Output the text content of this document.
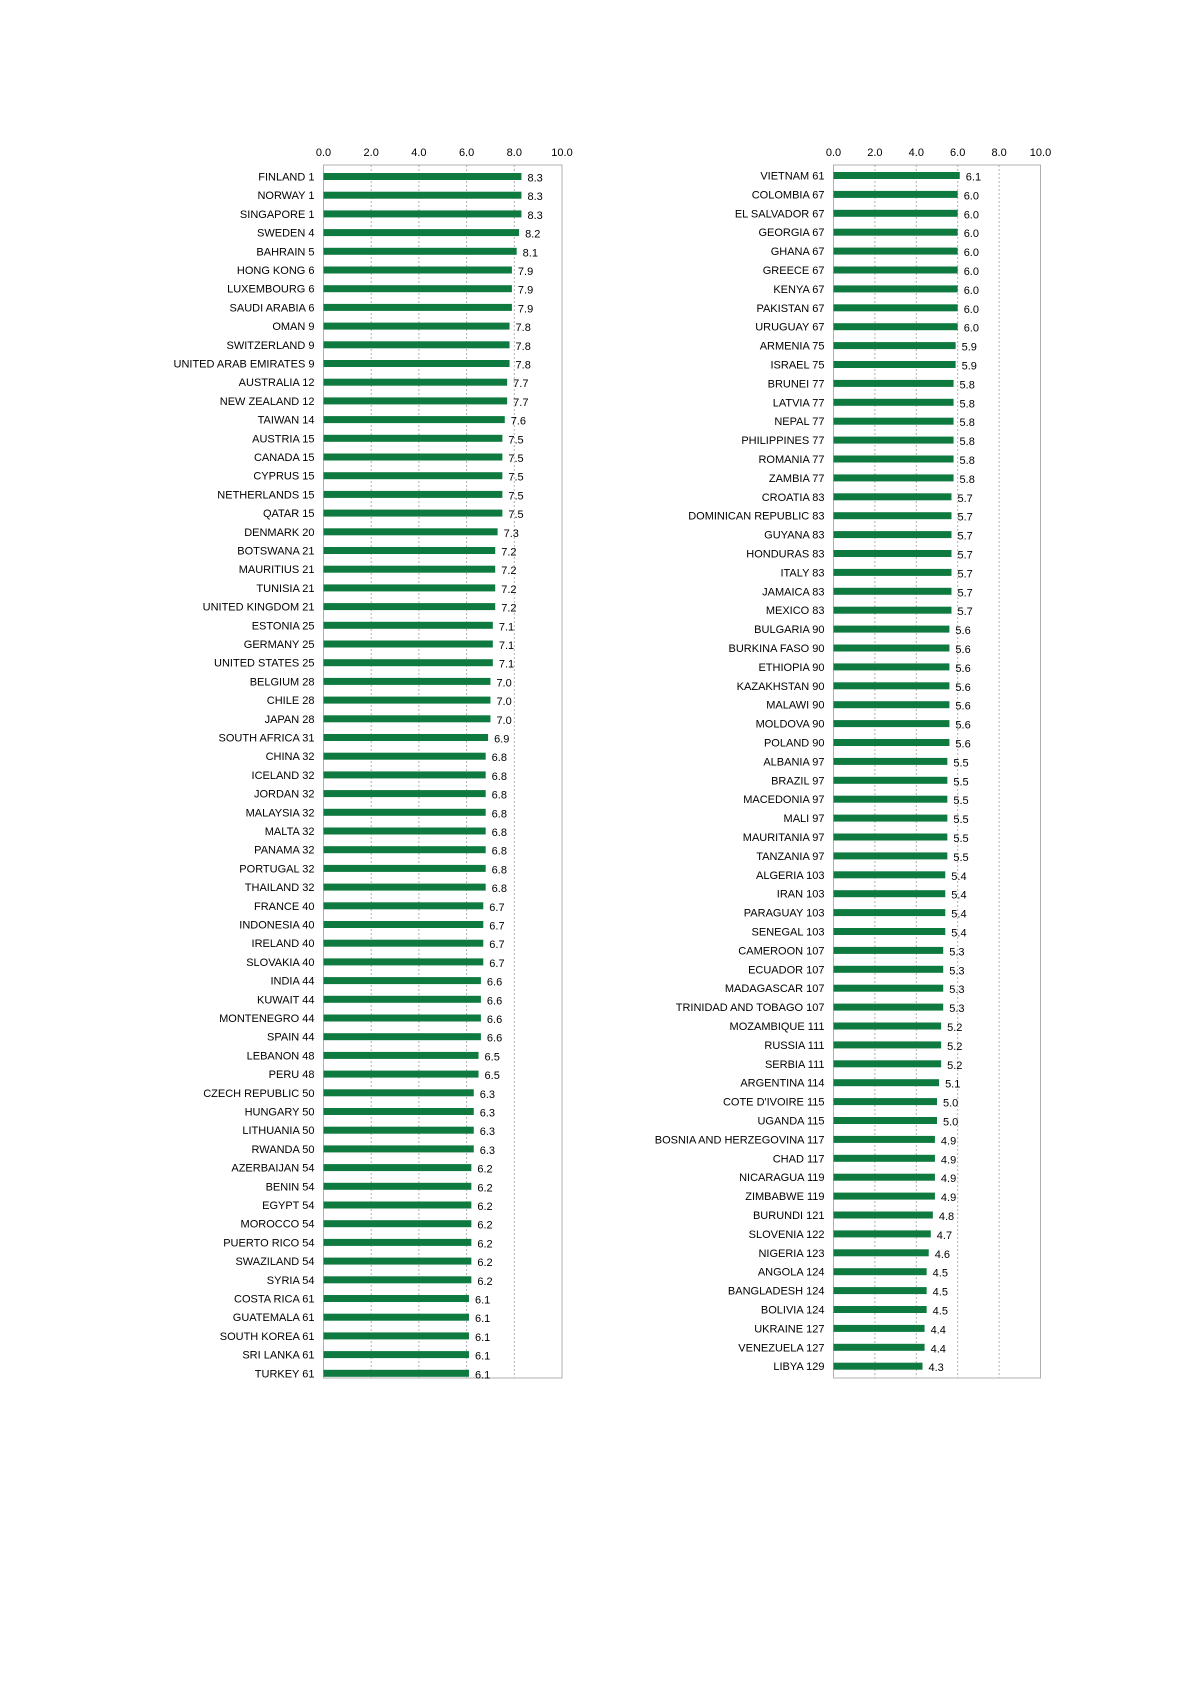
0.0	2.0	4.0	6.0	8.0	10.0
FINLAND 1	8.3
NORWAY 1	8.3
SINGAPORE 1	8.3
SWEDEN 4	8.2
BAHRAIN 5	8.1
HONG KONG 6	7.9
LUXEMBOURG 6	7.9
SAUDI ARABIA 6	7.9
OMAN 9	7.8
SWITZERLAND 9	7.8
UNITED ARAB EMIRATES 9	7.8
AUSTRALIA 12	7.7
NEW ZEALAND 12	7.7
TAIWAN 14	7.6
AUSTRIA 15	7.5
CANADA 15	7.5
CYPRUS 15	7.5
NETHERLANDS 15	7.5
QATAR 15	7.5
DENMARK 20	7.3
BOTSWANA 21	7.2
MAURITIUS 21	7.2
TUNISIA 21	7.2
UNITED KINGDOM 21	7.2
ESTONIA 25	7.1
GERMANY 25	7.1
UNITED STATES 25	7.1
BELGIUM 28	7.0
CHILE 28	7.0
JAPAN 28	7.0
SOUTH AFRICA 31	6.9
CHINA 32	6.8
ICELAND 32	6.8
JORDAN 32	6.8
MALAYSIA 32	6.8
MALTA 32	6.8
PANAMA 32	6.8
PORTUGAL 32	6.8
THAILAND 32	6.8
FRANCE 40	6.7
INDONESIA 40	6.7
IRELAND 40	6.7
SLOVAKIA 40	6.7
INDIA 44	6.6
KUWAIT 44	6.6
MONTENEGRO 44	6.6
SPAIN 44	6.6
LEBANON 48	6.5
PERU 48	6.5
CZECH REPUBLIC 50	6.3
HUNGARY 50	6.3
LITHUANIA 50	6.3
RWANDA 50	6.3
AZERBAIJAN 54	6.2
BENIN 54	6.2
EGYPT 54	6.2
MOROCCO 54	6.2
PUERTO RICO 54	6.2
SWAZILAND 54	6.2
SYRIA 54	6.2
COSTA RICA 61	6.1
GUATEMALA 61	6.1
SOUTH KOREA 61	6.1
SRI LANKA 61	6.1
TURKEY 61	6.1
0.0 2.0 4.0 6.0 8.0 10.0
VIETNAM 61	6.1
COLOMBIA 67	6.0
EL SALVADOR 67	6.0
GEORGIA 67	6.0
GHANA 67	6.0
GREECE 67	6.0
KENYA 67	6.0
PAKISTAN 67	6.0
URUGUAY 67	6.0
ARMENIA 75	5.9
ISRAEL 75	5.9
BRUNEI 77	5.8
LATVIA 77	5.8
NEPAL 77	5.8
PHILIPPINES 77	5.8
ROMANIA 77	5.8
ZAMBIA 77	5.8
CROATIA 83	5.7
DOMINICAN REPUBLIC 83	5.7
GUYANA 83	5.7
HONDURAS 83	5.7
ITALY 83	5.7
JAMAICA 83	5.7
MEXICO 83	5.7
BULGARIA 90	5.6
BURKINA FASO 90	5.6
ETHIOPIA 90	5.6
KAZAKHSTAN 90	5.6
MALAWI 90	5.6
MOLDOVA 90	5.6
POLAND 90	5.6
ALBANIA 97	5.5
BRAZIL 97	5.5
MACEDONIA 97	5.5
MALI 97	5.5
MAURITANIA 97	5.5
TANZANIA 97	5.5
ALGERIA 103	5.4
IRAN 103	5.4
PARAGUAY 103	5.4
SENEGAL 103	5.4
CAMEROON 107	5.3
ECUADOR 107	5.3
MADAGASCAR 107	5.3
TRINIDAD AND TOBAGO 107	5.3
MOZAMBIQUE 111	5.2
RUSSIA 111	5.2
SERBIA 111	5.2
ARGENTINA 114	5.1
COTE D'IVOIRE 115	5.0
UGANDA 115	5.0
BOSNIA AND HERZEGOVINA 117	4.9
CHAD 117	4.9
NICARAGUA 119	4.9
ZIMBABWE 119	4.9
BURUNDI 121	4.8
SLOVENIA 122	4.7
NIGERIA 123	4.6
ANGOLA 124	4.5
BANGLADESH 124	4.5
BOLIVIA 124	4.5
UKRAINE 127	4.4
VENEZUELA 127	4.4
LIBYA 129	4.3
